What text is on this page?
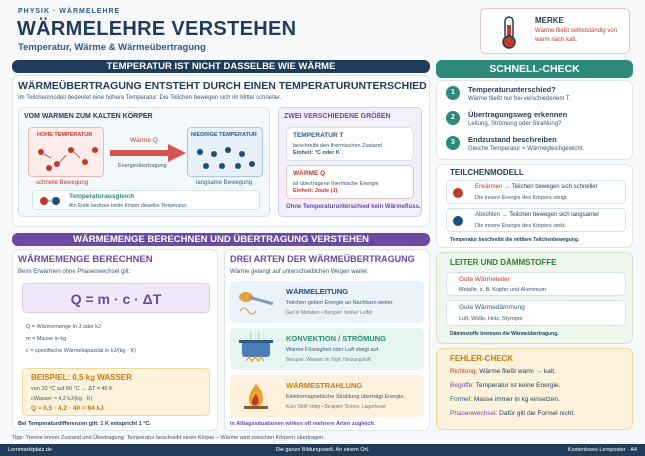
PHYSIK · WÄRMELEHRE
WÄRMELEHRE VERSTEHEN
Temperatur, Wärme & Wärmeübertragung
MERKE
Wärme fließt selbstständig von warm nach kalt.
TEMPERATUR IST NICHT DASSELBE WIE WÄRME
WÄRMEÜBERTRAGUNG ENTSTEHT DURCH EINEN TEMPERATURUNTERSCHIED
Im Teilchenmodell bedeutet eine höhere Temperatur: Die Teilchen bewegen sich im Mittel schneller.
VOM WARMEN ZUM KALTEN KÖRPER
HOHE TEMPERATUR
schnelle Bewegung
Wärme Q
Energieübertragung
NIEDRIGE TEMPERATUR
langsame Bewegung
Temperaturausgleich
Am Ende besitzen beide Körper dieselbe Temperatur.
ZWEI VERSCHIEDENE GRÖßEN
TEMPERATUR T
beschreibt den thermischen Zustand
Einheit: °C oder K
WÄRME Q
ist übertragene thermische Energie
Einheit: Joule (J)
Ohne Temperaturunterschied kein Wärmefluss.
WÄRMEMENGE BERECHNEN UND ÜBERTRAGUNG VERSTEHEN
WÄRMEMENGE BERECHNEN
Beim Erwärmen ohne Phasenwechsel gilt:
Q = m · c · ΔT
Q = Wärmemenge in J oder kJ
m = Masse in kg
c = spezifische Wärmekapazität in kJ/(kg · K)
BEISPIEL: 0,5 kg WASSER
von 20 °C auf 60 °C → ΔT = 40 K
cWasser ≈ 4,2 kJ/(kg · K)
Q ≈ 0,5 · 4,2 · 40 = 84 kJ
Bei Temperaturdifferenzen gilt: 1 K entspricht 1 °C.
DREI ARTEN DER WÄRMEÜBERTRAGUNG
Wärme gelangt auf unterschiedlichen Wegen weiter.
WÄRMELEITUNG
Teilchen geben Energie an Nachbarn weiter.
Gut in Metallen • Beispiel: heißer Löffel
KONVEKTION / STRÖMUNG
Warme Flüssigkeit oder Luft steigt auf.
Beispiel: Wasser im Topf, Heizungsluft
WÄRMESTRAHLUNG
Elektromagnetische Strahlung überträgt Energie.
Kein Stoff nötig • Beispiel: Sonne, Lagerfeuer
In Alltagssituationen wirken oft mehrere Arten zugleich.
Tipp: Trenne immer Zustand und Übertragung: Temperatur beschreibt einen Körper – Wärme wird zwischen Körpern übertragen.
SCHNELL-CHECK
1	Temperaturunterschied?
Wärme fließt nur bei verschiedenem T.
2	Übertragungsweg erkennen
Leitung, Strömung oder Strahlung?
3	Endzustand beschreiben
Gleiche Temperatur = Wärmegleichgewicht.
TEILCHENMODELL
Erwärmen → Teilchen bewegen sich schneller
Die innere Energie des Körpers steigt.
Abkühlen → Teilchen bewegen sich langsamer
Die innere Energie des Körpers sinkt.
Temperatur beschreibt die mittlere Teilchenbewegung.
LEITER UND DÄMMSTOFFE
Gute Wärmeleiter
Metalle, z. B. Kupfer und Aluminium
Gute Wärmedämmung
Luft, Wolle, Holz, Styropor
Dämmstoffe bremsen die Wärmeübertragung.
FEHLER-CHECK
Richtung: Wärme fließt warm → kalt.
Begriffe: Temperatur ist keine Energie.
Formel: Masse immer in kg einsetzen.
Phasenwechsel: Dafür gilt die Formel nicht.
Lernmarktplatz.de	Die ganze Bildungswelt. An einem Ort.	Kostenloses Lernposter · A4
